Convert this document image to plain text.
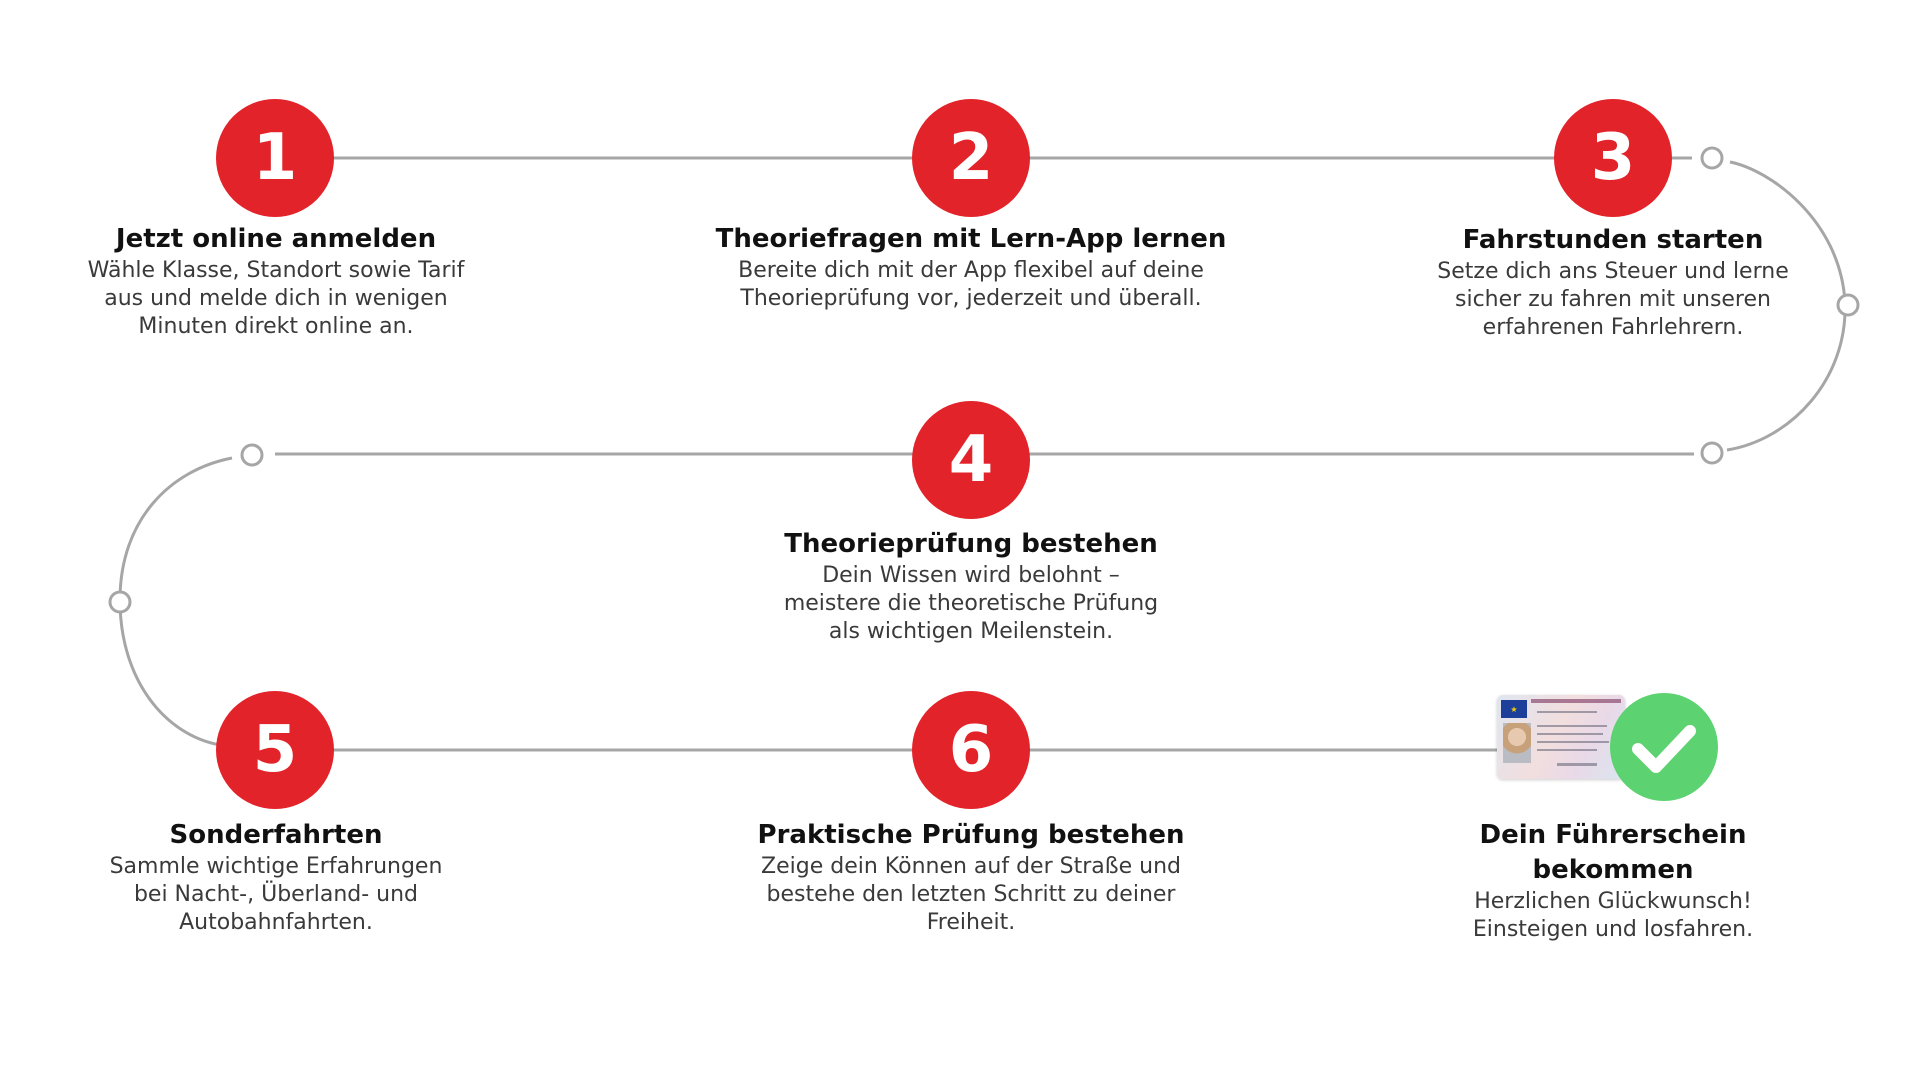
1
Jetzt online anmelden
Wähle Klasse, Standort sowie Tarif
aus und melde dich in wenigen
Minuten direkt online an.
2
Theoriefragen mit Lern-App lernen
Bereite dich mit der App flexibel auf deine
Theorieprüfung vor, jederzeit und überall.
3
Fahrstunden starten
Setze dich ans Steuer und lerne
sicher zu fahren mit unseren
erfahrenen Fahrlehrern.
4
Theorieprüfung bestehen
Dein Wissen wird belohnt –
meistere die theoretische Prüfung
als wichtigen Meilenstein.
5
Sonderfahrten
Sammle wichtige Erfahrungen
bei Nacht-, Überland- und
Autobahnfahrten.
6
Praktische Prüfung bestehen
Zeige dein Können auf der Straße und
bestehe den letzten Schritt zu deiner
Freiheit.
★
Dein Führerschein
bekommen
Herzlichen Glückwunsch!
Einsteigen und losfahren.
